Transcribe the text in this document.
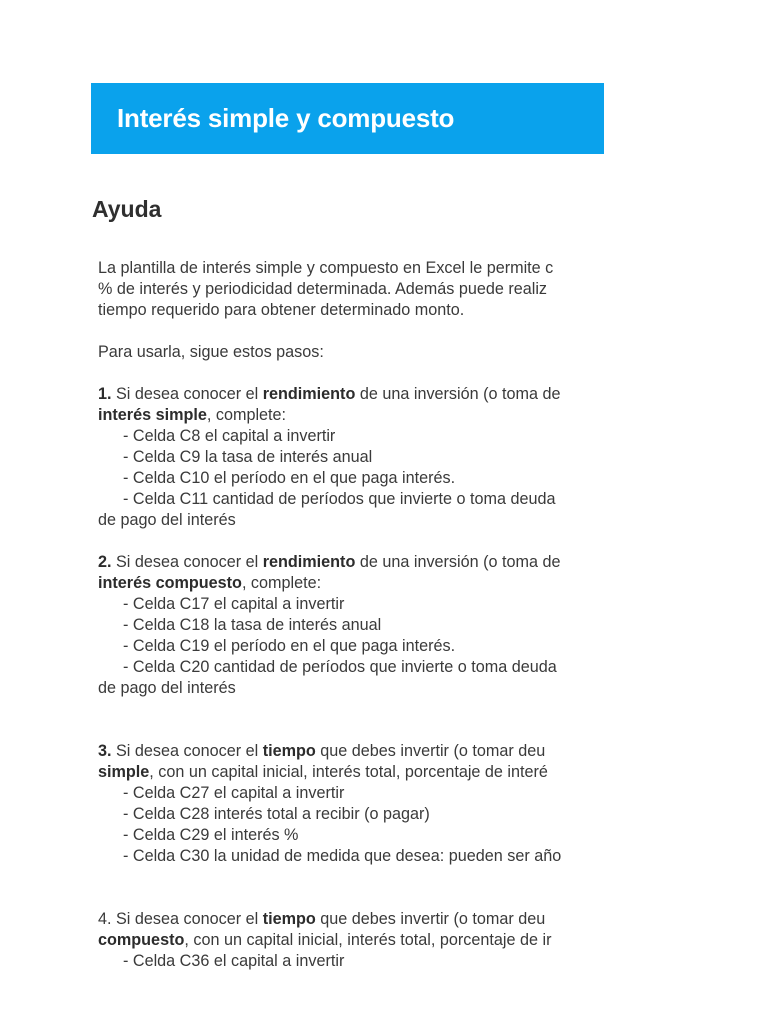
Interés simple y compuesto
Ayuda
La plantilla de interés simple y compuesto en Excel le permite c
% de interés y periodicidad determinada. Además puede realiz
tiempo requerido para obtener determinado monto.
Para usarla, sigue estos pasos:
1. Si desea conocer el rendimiento de una inversión (o toma de
interés simple, complete:
- Celda C8 el capital a invertir
- Celda C9 la tasa de interés anual
- Celda C10 el período en el que paga interés.
- Celda C11 cantidad de períodos que invierte o toma deuda
de pago del interés
2. Si desea conocer el rendimiento de una inversión (o toma de
interés compuesto, complete:
- Celda C17 el capital a invertir
- Celda C18 la tasa de interés anual
- Celda C19 el período en el que paga interés.
- Celda C20 cantidad de períodos que invierte o toma deuda
de pago del interés
3. Si desea conocer el tiempo que debes invertir (o tomar deu
simple, con un capital inicial, interés total, porcentaje de interé
- Celda C27 el capital a invertir
- Celda C28 interés total a recibir (o pagar)
- Celda C29 el interés %
- Celda C30 la unidad de medida que desea: pueden ser año
4. Si desea conocer el tiempo que debes invertir (o tomar deu
compuesto, con un capital inicial, interés total, porcentaje de ir
- Celda C36 el capital a invertir
